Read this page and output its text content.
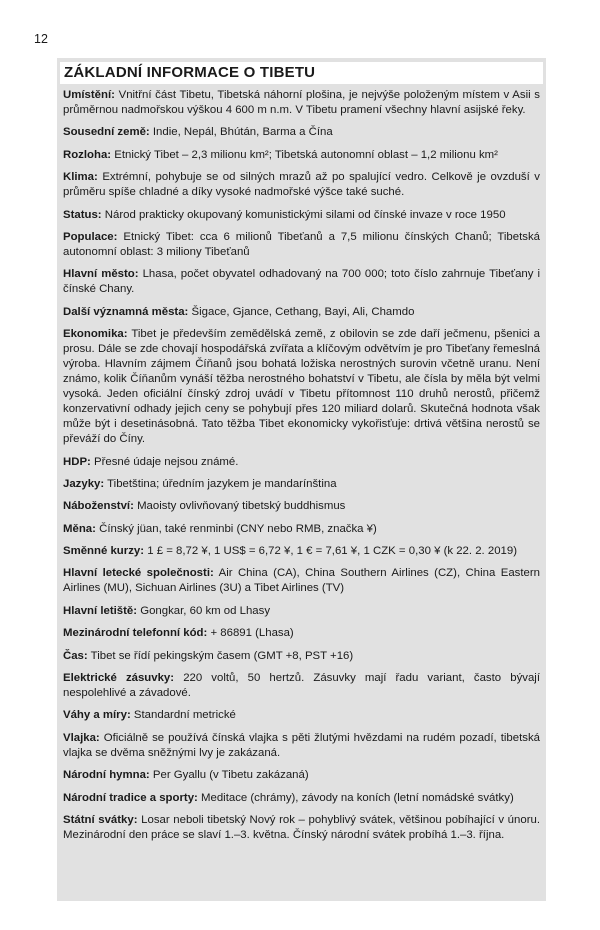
12
ZÁKLADNÍ INFORMACE O TIBETU

Umístění: Vnitřní část Tibetu, Tibetská náhorní plošina, je nejvýše položeným místem v Asii s průměrnou nadmořskou výškou 4 600 m n.m. V Tibetu pramení všechny hlavní asijské řeky.

Sousední země: Indie, Nepál, Bhútán, Barma a Čína

Rozloha: Etnický Tibet – 2,3 milionu km²; Tibetská autonomní oblast – 1,2 milionu km²

Klima: Extrémní, pohybuje se od silných mrazů až po spalující vedro. Celkově je ovzduší v průměru spíše chladné a díky vysoké nadmořské výšce také suché.

Status: Národ prakticky okupovaný komunistickými silami od čínské invaze v roce 1950

Populace: Etnický Tibet: cca 6 milionů Tibeťanů a 7,5 milionu čínských Chanů; Tibetská autonomní oblast: 3 miliony Tibeťanů

Hlavní město: Lhasa, počet obyvatel odhadovaný na 700 000; toto číslo zahrnuje Tibeťany i čínské Chany.

Další významná města: Šigace, Gjance, Cethang, Bayi, Ali, Chamdo

Ekonomika: Tibet je především zemědělská země, z obilovin se zde daří ječmenu, pšenici a prosu. Dále se zde chovají hospodářská zvířata a klíčovým odvětvím je pro Tibeťany řemeslná výroba. Hlavním zájmem Číňanů jsou bohatá ložiska nerostných surovin včetně uranu. Není známo, kolik Číňanům vynáší těžba nerostného bohatství v Tibetu, ale čísla by měla být velmi vysoká. Jeden oficiální čínský zdroj uvádí v Tibetu přítomnost 110 druhů nerostů, přičemž konzervativní odhady jejich ceny se pohybují přes 120 miliard dolarů. Skutečná hodnota však může být i desetinásobná. Tato těžba Tibet ekonomicky vykořisťuje: drtivá většina nerostů se převáží do Číny.

HDP: Přesné údaje nejsou známé.

Jazyky: Tibetština; úředním jazykem je mandarínština

Náboženství: Maoisty ovlivňovaný tibetský buddhismus

Měna: Čínský jüan, také renminbi (CNY nebo RMB, značka ¥)

Směnné kurzy: 1 £ = 8,72 ¥, 1 US$ = 6,72 ¥, 1 € = 7,61 ¥, 1 CZK = 0,30 ¥ (k 22. 2. 2019)

Hlavní letecké společnosti: Air China (CA), China Southern Airlines (CZ), China Eastern Airlines (MU), Sichuan Airlines (3U) a Tibet Airlines (TV)

Hlavní letiště: Gongkar, 60 km od Lhasy

Mezinárodní telefonní kód: + 86891 (Lhasa)

Čas: Tibet se řídí pekingským časem (GMT +8, PST +16)

Elektrické zásuvky: 220 voltů, 50 hertzů. Zásuvky mají řadu variant, často bývají nespolehlivé a závadové.

Váhy a míry: Standardní metrické

Vlajka: Oficiálně se používá čínská vlajka s pěti žlutými hvězdami na rudém pozadí, tibetská vlajka se dvěma sněžnými lvy je zakázaná.

Národní hymna: Per Gyallu (v Tibetu zakázaná)

Národní tradice a sporty: Meditace (chrámy), závody na koních (letní nomádské svátky)

Státní svátky: Losar neboli tibetský Nový rok – pohyblivý svátek, většinou pobíhající v únoru. Mezinárodní den práce se slaví 1.–3. května. Čínský národní svátek probíhá 1.–3. října.
